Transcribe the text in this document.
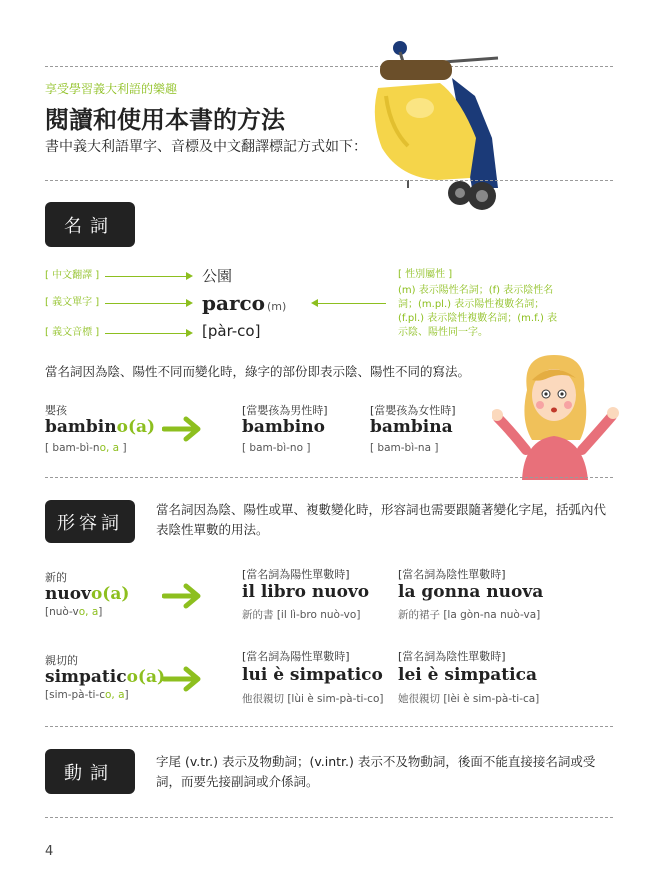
享受學習義大利語的樂趣
閱讀和使用本書的方法
書中義大利語單字、音標及中文翻譯標記方式如下：
名詞
[ 中文翻譯 ]
[ 義文單字 ]
[ 義文音標 ]
公園
parco (m)
[pàr-co]
[ 性別屬性 ]
(m) 表示陽性名詞；(f) 表示陰性名詞；(m.pl.) 表示陽性複數名詞；(f.pl.) 表示陰性複數名詞；(m.f.) 表示陰、陽性同一字。
當名詞因為陰、陽性不同而變化時，綠字的部份即表示陰、陽性不同的寫法。
嬰孩
bambino(a)
[ bam-bì-no, a ]
[當嬰孩為男性時]
bambino
[ bam-bì-no ]
[當嬰孩為女性時]
bambina
[ bam-bì-na ]
形容詞
當名詞因為陰、陽性或單、複數變化時，形容詞也需要跟隨著變化字尾，括弧內代表陰性單數的用法。
新的
nuovo(a)
[nuò-vo, a]
[當名詞為陽性單數時]
il libro nuovo
新的書 [il lì-bro nuò-vo]
[當名詞為陰性單數時]
la gonna nuova
新的裙子 [la gòn-na nuò-va]
親切的
simpatico(a)
[sim-pà-ti-co, a]
[當名詞為陽性單數時]
lui è simpatico
他很親切 [lùi è sim-pà-ti-co]
[當名詞為陰性單數時]
lei è simpatica
她很親切 [lèi è sim-pà-ti-ca]
動詞
字尾 (v.tr.) 表示及物動詞；(v.intr.) 表示不及物動詞，後面不能直接接名詞或受詞，而要先接副詞或介係詞。
4
